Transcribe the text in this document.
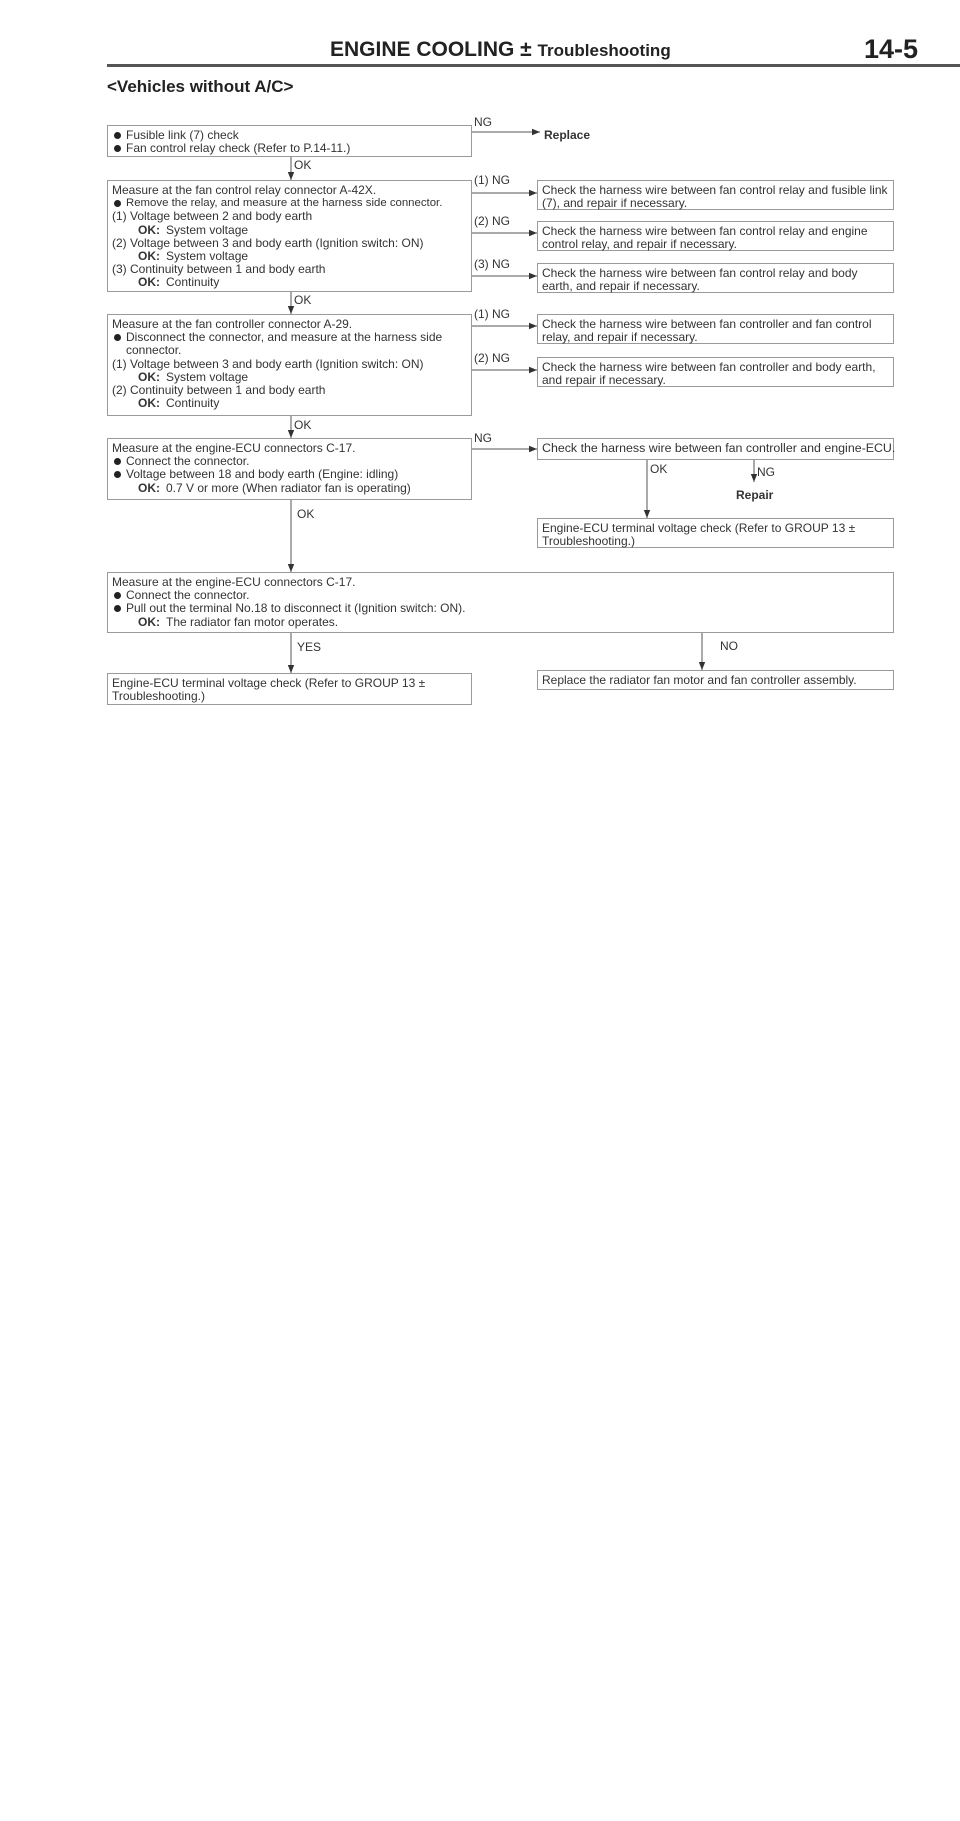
ENGINE COOLING ± Troubleshooting	14-5
<Vehicles without A/C>
Fusible link (7) check
Fan control relay check (Refer to P.14-11.)
NG
Replace
OK
Measure at the fan control relay connector A-42X.
Remove the relay, and measure at the harness side connector.
(1) Voltage between 2 and body earth
OK: System voltage
(2) Voltage between 3 and body earth (Ignition switch: ON)
OK: System voltage
(3) Continuity between 1 and body earth
OK: Continuity
(1) NG
(2) NG
(3) NG
Check the harness wire between fan control relay and fusible link (7), and repair if necessary.
Check the harness wire between fan control relay and engine control relay, and repair if necessary.
Check the harness wire between fan control relay and body earth, and repair if necessary.
OK
Measure at the fan controller connector A-29.
Disconnect the connector, and measure at the harness side connector.
(1) Voltage between 3 and body earth (Ignition switch: ON)
OK: System voltage
(2) Continuity between 1 and body earth
OK: Continuity
(1) NG
(2) NG
Check the harness wire between fan controller and fan control relay, and repair if necessary.
Check the harness wire between fan controller and body earth, and repair if necessary.
OK
Measure at the engine-ECU connectors C-17.
Connect the connector.
Voltage between 18 and body earth (Engine: idling)
OK: 0.7 V or more (When radiator fan is operating)
NG
Check the harness wire between fan controller and engine-ECU.
OK	NG
Repair
Engine-ECU terminal voltage check (Refer to GROUP 13 ± Troubleshooting.)
OK
Measure at the engine-ECU connectors C-17.
Connect the connector.
Pull out the terminal No.18 to disconnect it (Ignition switch: ON).
OK: The radiator fan motor operates.
YES	NO
Engine-ECU terminal voltage check (Refer to GROUP 13 ± Troubleshooting.)
Replace the radiator fan motor and fan controller assembly.
